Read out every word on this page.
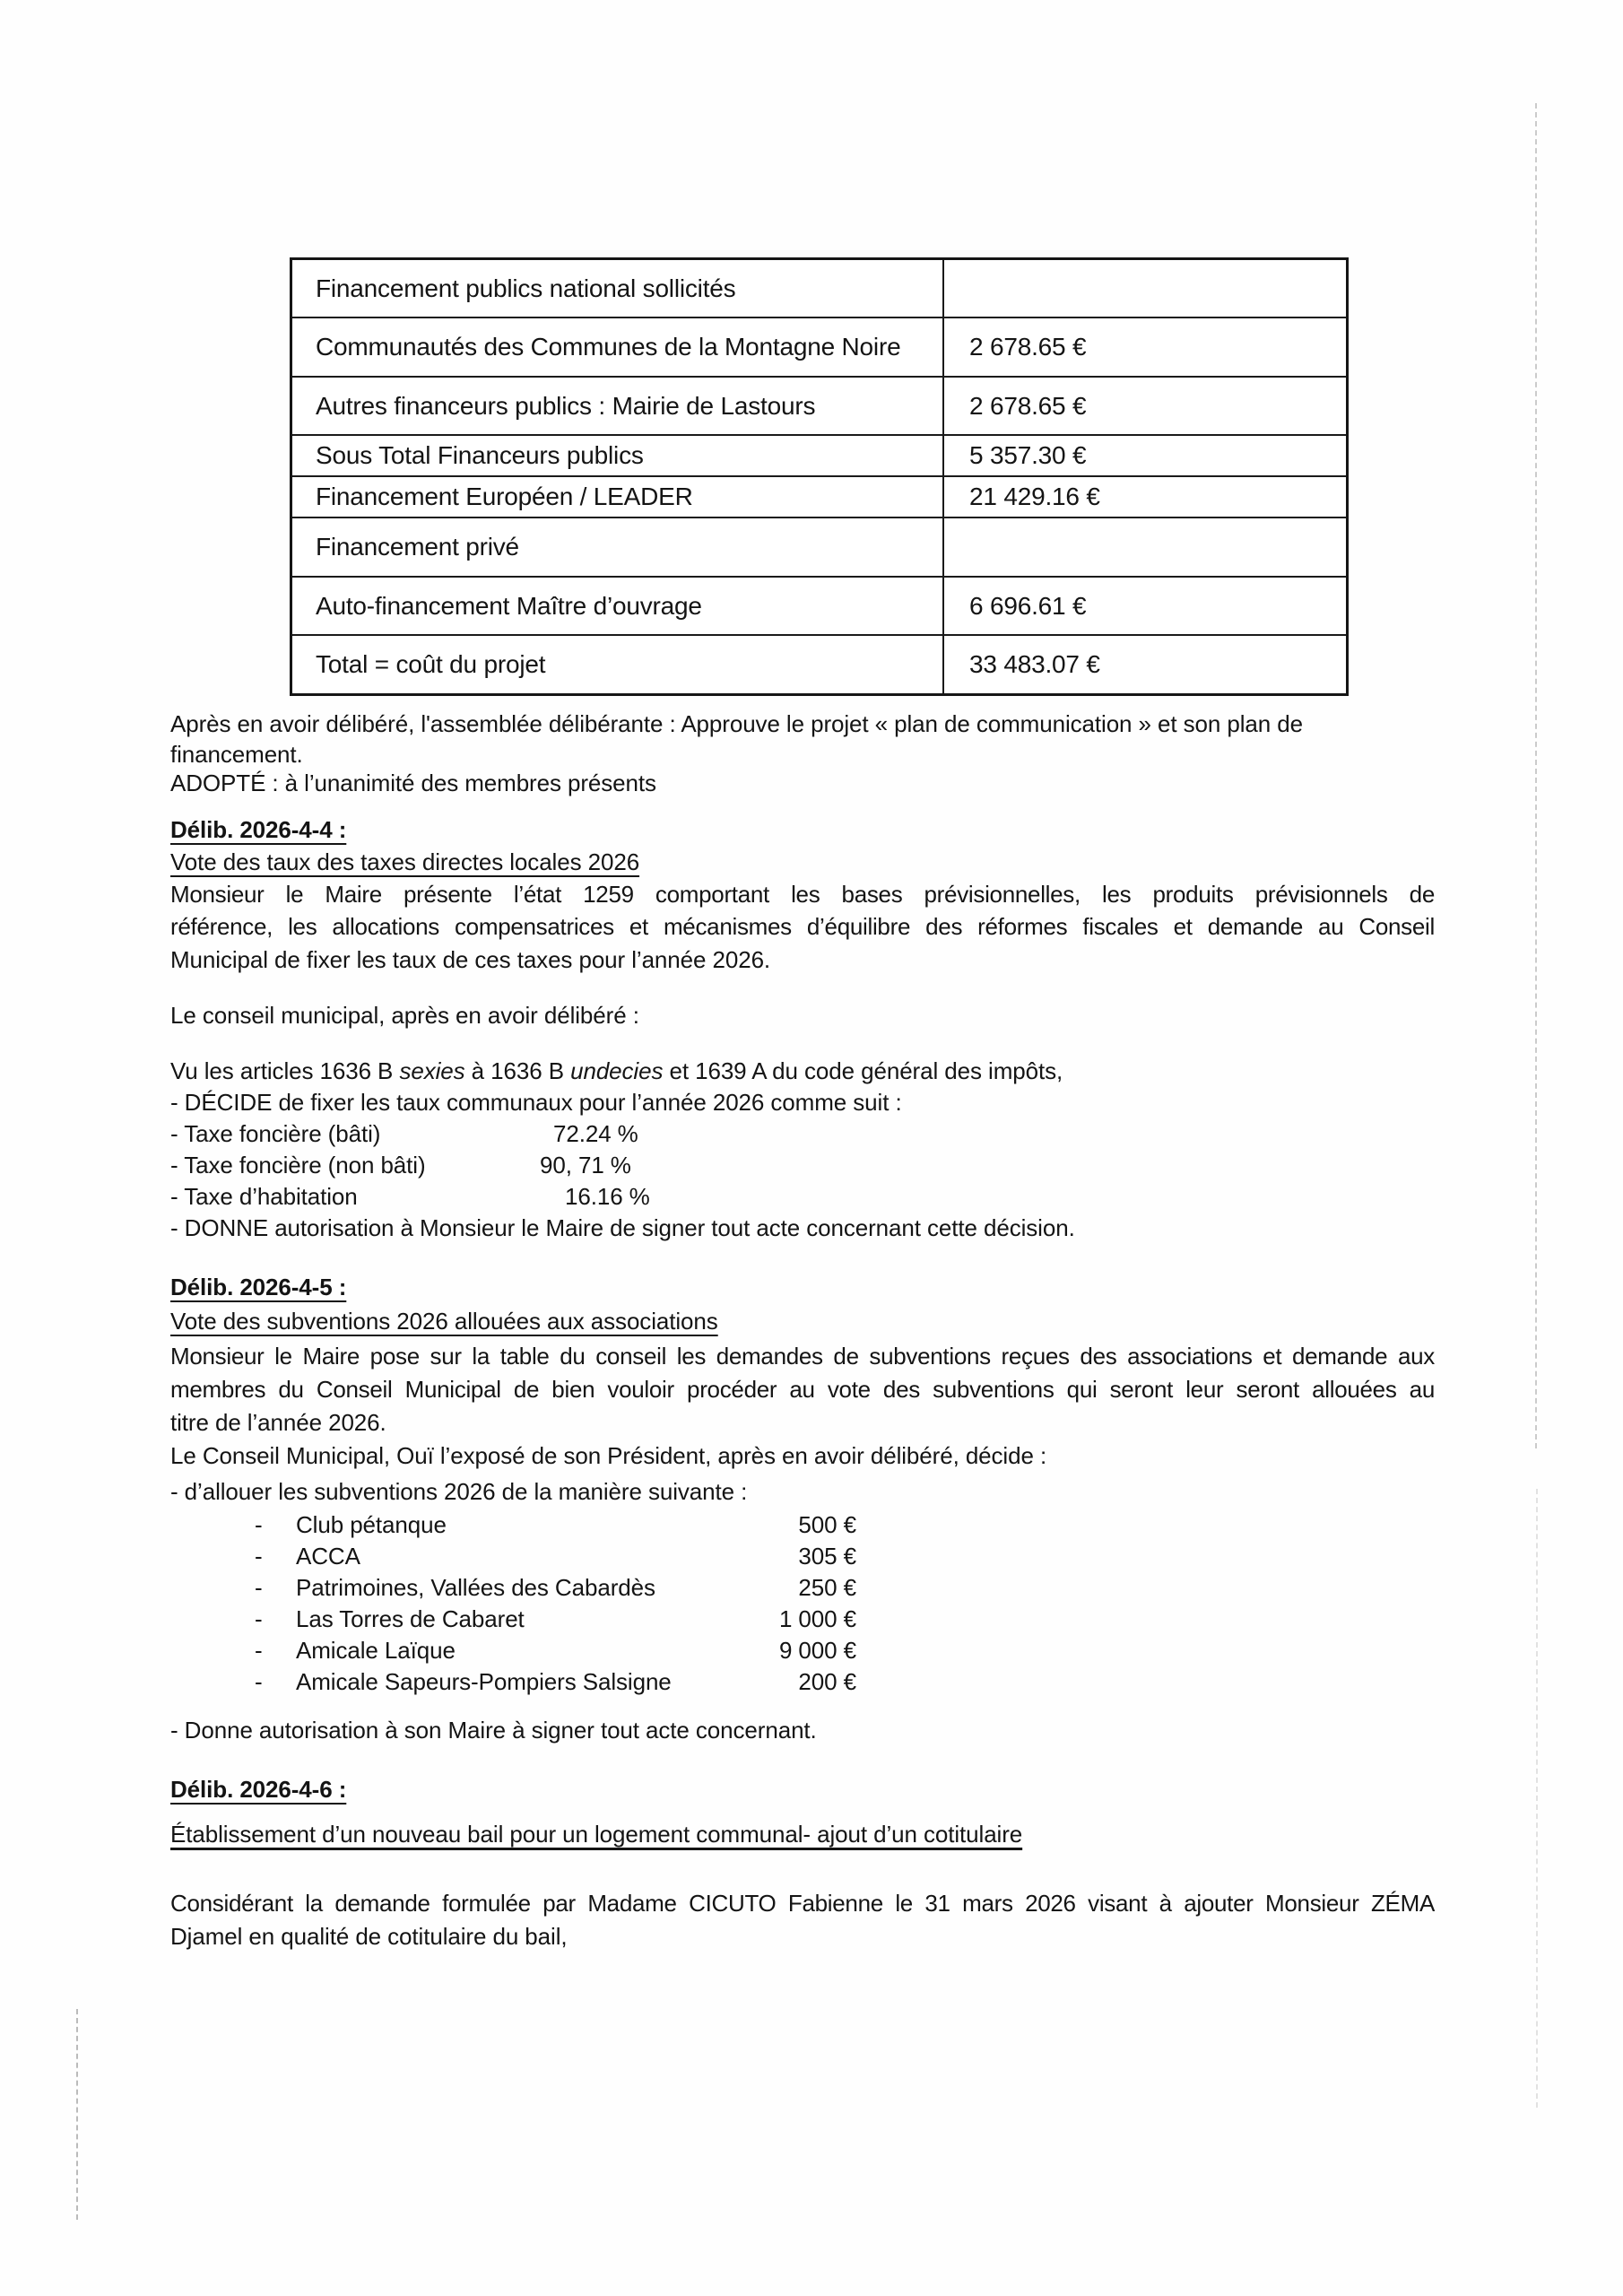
Financement publics national sollicités
Communautés des Communes de la Montagne Noire	2 678.65 €
Autres financeurs publics : Mairie de Lastours	2 678.65 €
Sous Total Financeurs publics	5 357.30 €
Financement Européen / LEADER	21 429.16 €
Financement privé
Auto-financement Maître d’ouvrage	6 696.61 €
Total = coût du projet	33 483.07 €
Après en avoir délibéré, l'assemblée délibérante : Approuve le projet « plan de communication » et son plan de
financement.
ADOPTÉ : à l’unanimité des membres présents
Délib. 2026-4-4 :
Vote des taux des taxes directes locales 2026
Monsieur le Maire présente l’état 1259 comportant les bases prévisionnelles, les produits prévisionnels de
référence, les allocations compensatrices et mécanismes d’équilibre des réformes fiscales et demande au Conseil
Municipal de fixer les taux de ces taxes pour l’année 2026.
Le conseil municipal, après en avoir délibéré :
Vu les articles 1636 B sexies à 1636 B undecies et 1639 A du code général des impôts,
- DÉCIDE de fixer les taux communaux pour l’année 2026 comme suit :
- Taxe foncière (bâti)	72.24 %
- Taxe foncière (non bâti)	90, 71 %
- Taxe d’habitation	16.16 %
- DONNE autorisation à Monsieur le Maire de signer tout acte concernant cette décision.
Délib. 2026-4-5 :
Vote des subventions 2026 allouées aux associations
Monsieur le Maire pose sur la table du conseil les demandes de subventions reçues des associations et demande aux
membres du Conseil Municipal de bien vouloir procéder au vote des subventions qui seront leur seront allouées au
titre de l’année 2026.
Le Conseil Municipal, Ouï l’exposé de son Président, après en avoir délibéré, décide :
- d’allouer les subventions 2026 de la manière suivante :
- Club pétanque	500 €
- ACCA	305 €
- Patrimoines, Vallées des Cabardès	250 €
- Las Torres de Cabaret	1 000 €
- Amicale Laïque	9 000 €
- Amicale Sapeurs-Pompiers Salsigne	200 €
- Donne autorisation à son Maire à signer tout acte concernant.
Délib. 2026-4-6 :
Établissement d’un nouveau bail pour un logement communal- ajout d’un cotitulaire
Considérant la demande formulée par Madame CICUTO Fabienne le 31 mars 2026 visant à ajouter Monsieur ZÉMA
Djamel en qualité de cotitulaire du bail,
